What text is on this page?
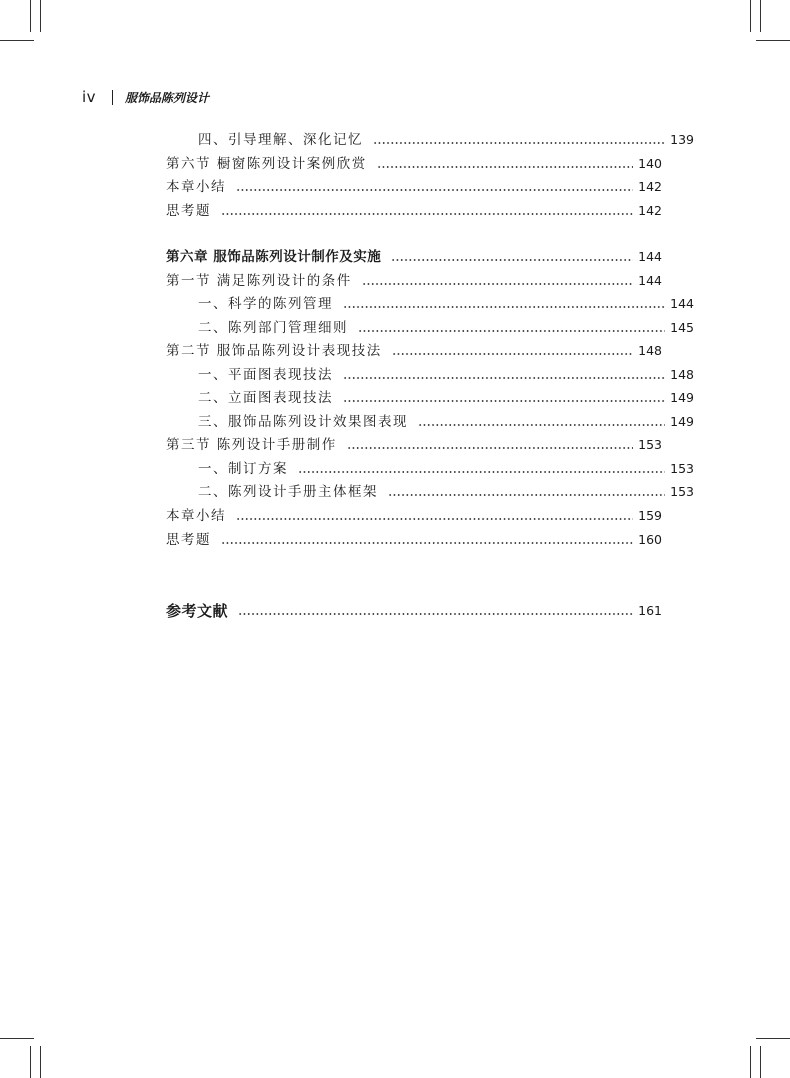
iv 服饰品陈列设计
四、引导理解、深化记忆	139
第六节 橱窗陈列设计案例欣赏	140
本章小结	142
思考题	142
第六章 服饰品陈列设计制作及实施	144
第一节 满足陈列设计的条件	144
一、科学的陈列管理	144
二、陈列部门管理细则	145
第二节 服饰品陈列设计表现技法	148
一、平面图表现技法	148
二、立面图表现技法	149
三、服饰品陈列设计效果图表现	149
第三节 陈列设计手册制作	153
一、制订方案	153
二、陈列设计手册主体框架	153
本章小结	159
思考题	160
参考文献	161
